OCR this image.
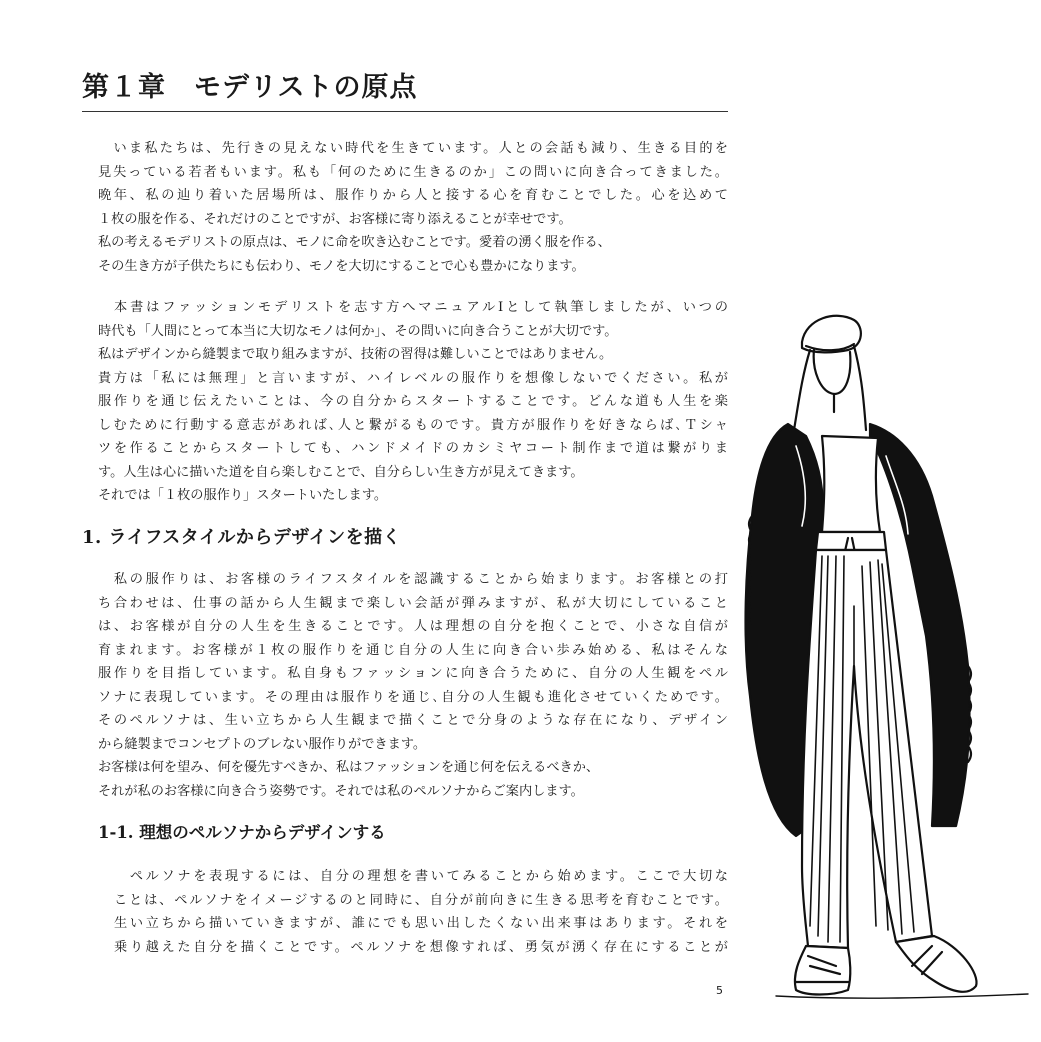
第１章　モデリストの原点
　いま私たちは、先行きの見えない時代を生きています。人との会話も減り、生きる目的を
見失っている若者もいます。私も「何のために生きるのか」この問いに向き合ってきました。
晩年、私の辿り着いた居場所は、服作りから人と接する心を育むことでした。心を込めて
１枚の服を作る、それだけのことですが、お客様に寄り添えることが幸せです。
私の考えるモデリストの原点は、モノに命を吹き込むことです。愛着の湧く服を作る、
その生き方が子供たちにも伝わり、モノを大切にすることで心も豊かになります。
　本書はファッションモデリストを志す方へマニュアルⅠとして執筆しましたが、いつの
時代も「人間にとって本当に大切なモノは何か」、その問いに向き合うことが大切です。
私はデザインから縫製まで取り組みますが、技術の習得は難しいことではありません。
貴方は「私には無理」と言いますが、ハイレベルの服作りを想像しないでください。私が
服作りを通じ伝えたいことは、今の自分からスタートすることです。どんな道も人生を楽
しむために行動する意志があれば､人と繋がるものです。貴方が服作りを好きならば､Ｔシャ
ツを作ることからスタートしても、ハンドメイドのカシミヤコート制作まで道は繋がりま
す。人生は心に描いた道を自ら楽しむことで、自分らしい生き方が見えてきます。
それでは「１枚の服作り」スタートいたします。
1. ライフスタイルからデザインを描く
　私の服作りは、お客様のライフスタイルを認識することから始まります。お客様との打
ち合わせは、仕事の話から人生観まで楽しい会話が弾みますが、私が大切にしていること
は、お客様が自分の人生を生きることです。人は理想の自分を抱くことで、小さな自信が
育まれます。お客様が１枚の服作りを通じ自分の人生に向き合い歩み始める、私はそんな
服作りを目指しています。私自身もファッションに向き合うために、自分の人生観をペル
ソナに表現しています。その理由は服作りを通じ､自分の人生観も進化させていくためです。
そのペルソナは、生い立ちから人生観まで描くことで分身のような存在になり、デザイン
から縫製までコンセプトのブレない服作りができます。
お客様は何を望み、何を優先すべきか、私はファッションを通じ何を伝えるべきか、
それが私のお客様に向き合う姿勢です。それでは私のペルソナからご案内します。
1-1. 理想のペルソナからデザインする
　ペルソナを表現するには、自分の理想を書いてみることから始めます。ここで大切な
ことは、ペルソナをイメージするのと同時に、自分が前向きに生きる思考を育むことです。
生い立ちから描いていきますが、誰にでも思い出したくない出来事はあります。それを
乗り越えた自分を描くことです。ペルソナを想像すれば、勇気が湧く存在にすることが
5
